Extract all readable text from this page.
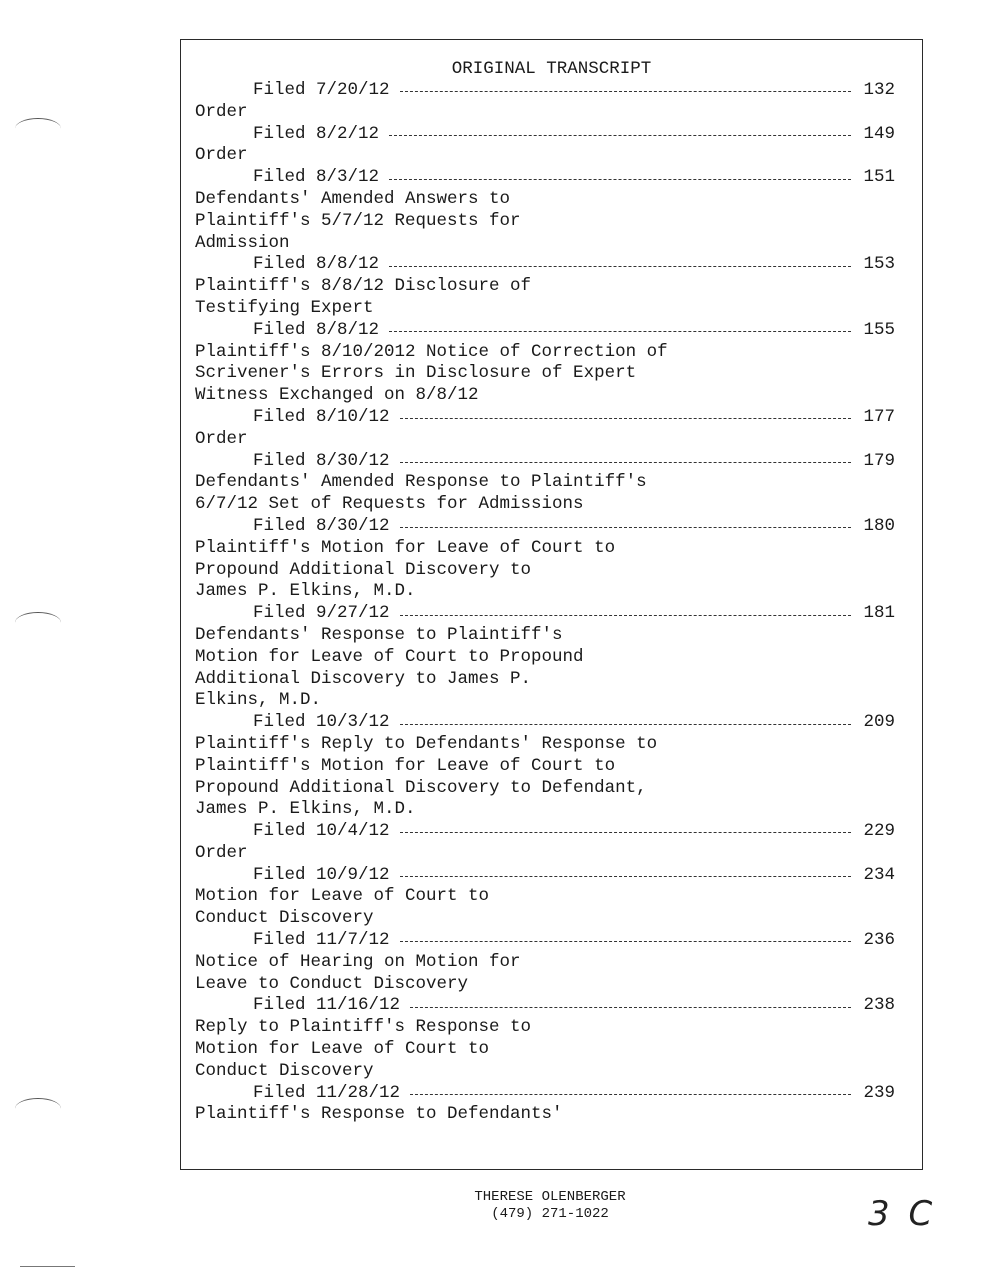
ORIGINAL TRANSCRIPT
Filed 7/20/12	132
Order
Filed 8/2/12	149
Order
Filed 8/3/12	151
Defendants' Amended Answers to
Plaintiff's 5/7/12 Requests for
Admission
Filed 8/8/12	153
Plaintiff's 8/8/12 Disclosure of
Testifying Expert
Filed 8/8/12	155
Plaintiff's 8/10/2012 Notice of Correction of
Scrivener's Errors in Disclosure of Expert
Witness Exchanged on 8/8/12
Filed 8/10/12	177
Order
Filed 8/30/12	179
Defendants' Amended Response to Plaintiff's
6/7/12 Set of Requests for Admissions
Filed 8/30/12	180
Plaintiff's Motion for Leave of Court to
Propound Additional Discovery to
James P. Elkins, M.D.
Filed 9/27/12	181
Defendants' Response to Plaintiff's
Motion for Leave of Court to Propound
Additional Discovery to James P.
Elkins, M.D.
Filed 10/3/12	209
Plaintiff's Reply to Defendants' Response to
Plaintiff's Motion for Leave of Court to
Propound Additional Discovery to Defendant,
James P. Elkins, M.D.
Filed 10/4/12	229
Order
Filed 10/9/12	234
Motion for Leave of Court to
Conduct Discovery
Filed 11/7/12	236
Notice of Hearing on Motion for
Leave to Conduct Discovery
Filed 11/16/12	238
Reply to Plaintiff's Response to
Motion for Leave of Court to
Conduct Discovery
Filed 11/28/12	239
Plaintiff's Response to Defendants'
THERESE OLENBERGER
(479) 271-1022	3 C
